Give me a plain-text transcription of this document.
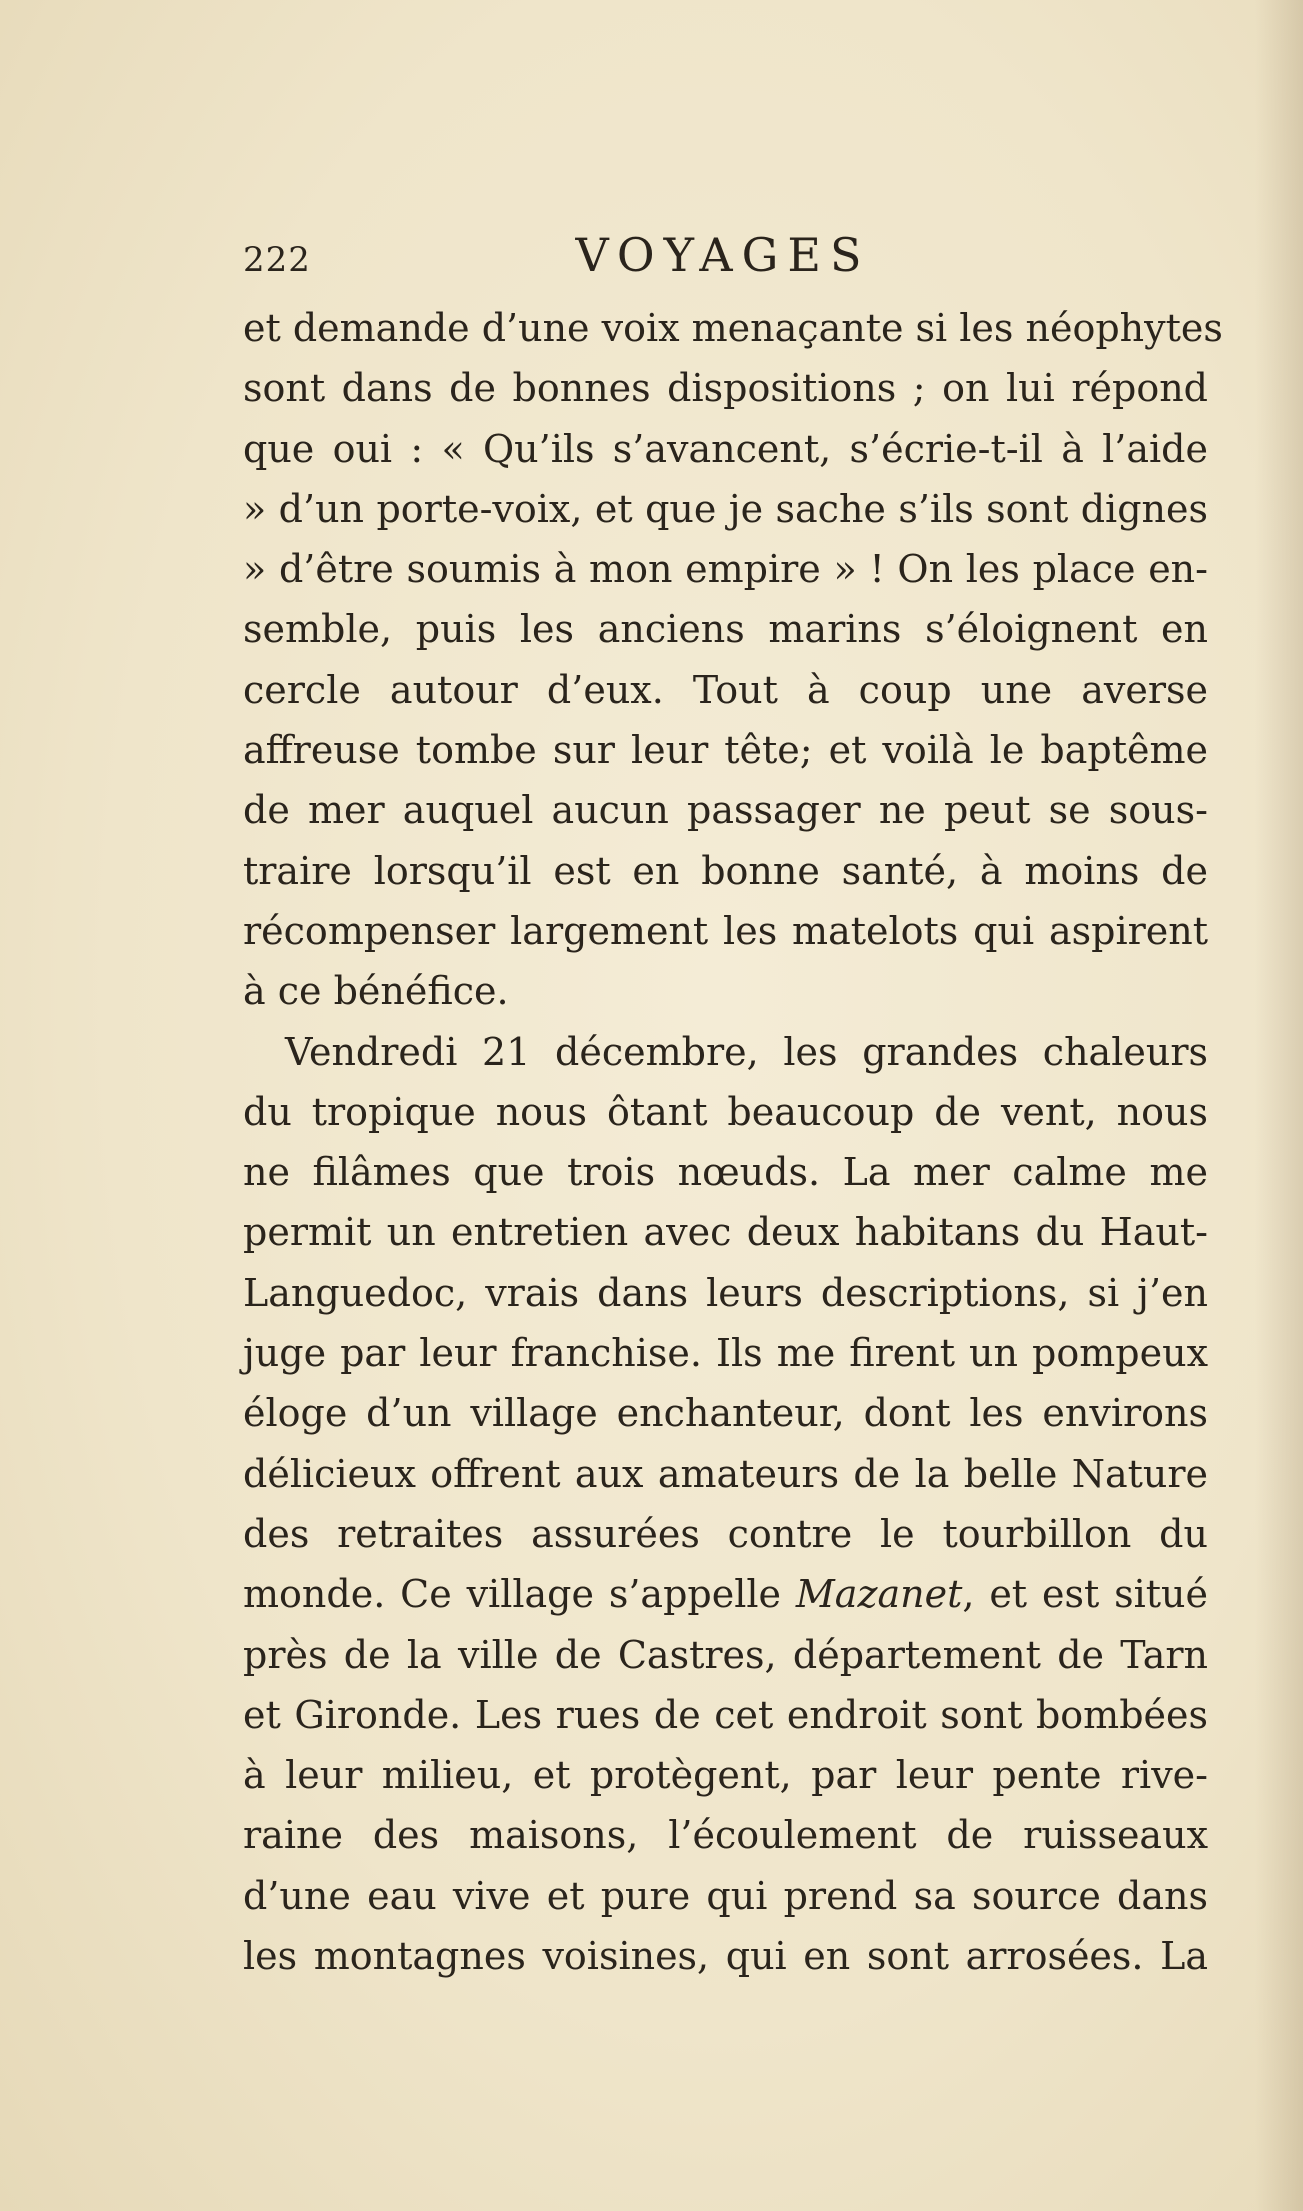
222	VOYAGES
et demande d’une voix menaçante si les néophytes
sont dans de bonnes dispositions ; on lui répond
que oui : « Qu’ils s’avancent, s’écrie-t-il à l’aide
» d’un porte-voix, et que je sache s’ils sont dignes
» d’être soumis à mon empire » ! On les place en-
semble, puis les anciens marins s’éloignent en
cercle autour d’eux. Tout à coup une averse
affreuse tombe sur leur tête; et voilà le baptême
de mer auquel aucun passager ne peut se sous-
traire lorsqu’il est en bonne santé, à moins de
récompenser largement les matelots qui aspirent
à ce bénéfice.
Vendredi 21 décembre, les grandes chaleurs
du tropique nous ôtant beaucoup de vent, nous
ne filâmes que trois nœuds. La mer calme me
permit un entretien avec deux habitans du Haut-
Languedoc, vrais dans leurs descriptions, si j’en
juge par leur franchise. Ils me firent un pompeux
éloge d’un village enchanteur, dont les environs
délicieux offrent aux amateurs de la belle Nature
des retraites assurées contre le tourbillon du
monde. Ce village s’appelle Mazanet, et est situé
près de la ville de Castres, département de Tarn
et Gironde. Les rues de cet endroit sont bombées
à leur milieu, et protègent, par leur pente rive-
raine des maisons, l’écoulement de ruisseaux
d’une eau vive et pure qui prend sa source dans
les montagnes voisines, qui en sont arrosées. La
